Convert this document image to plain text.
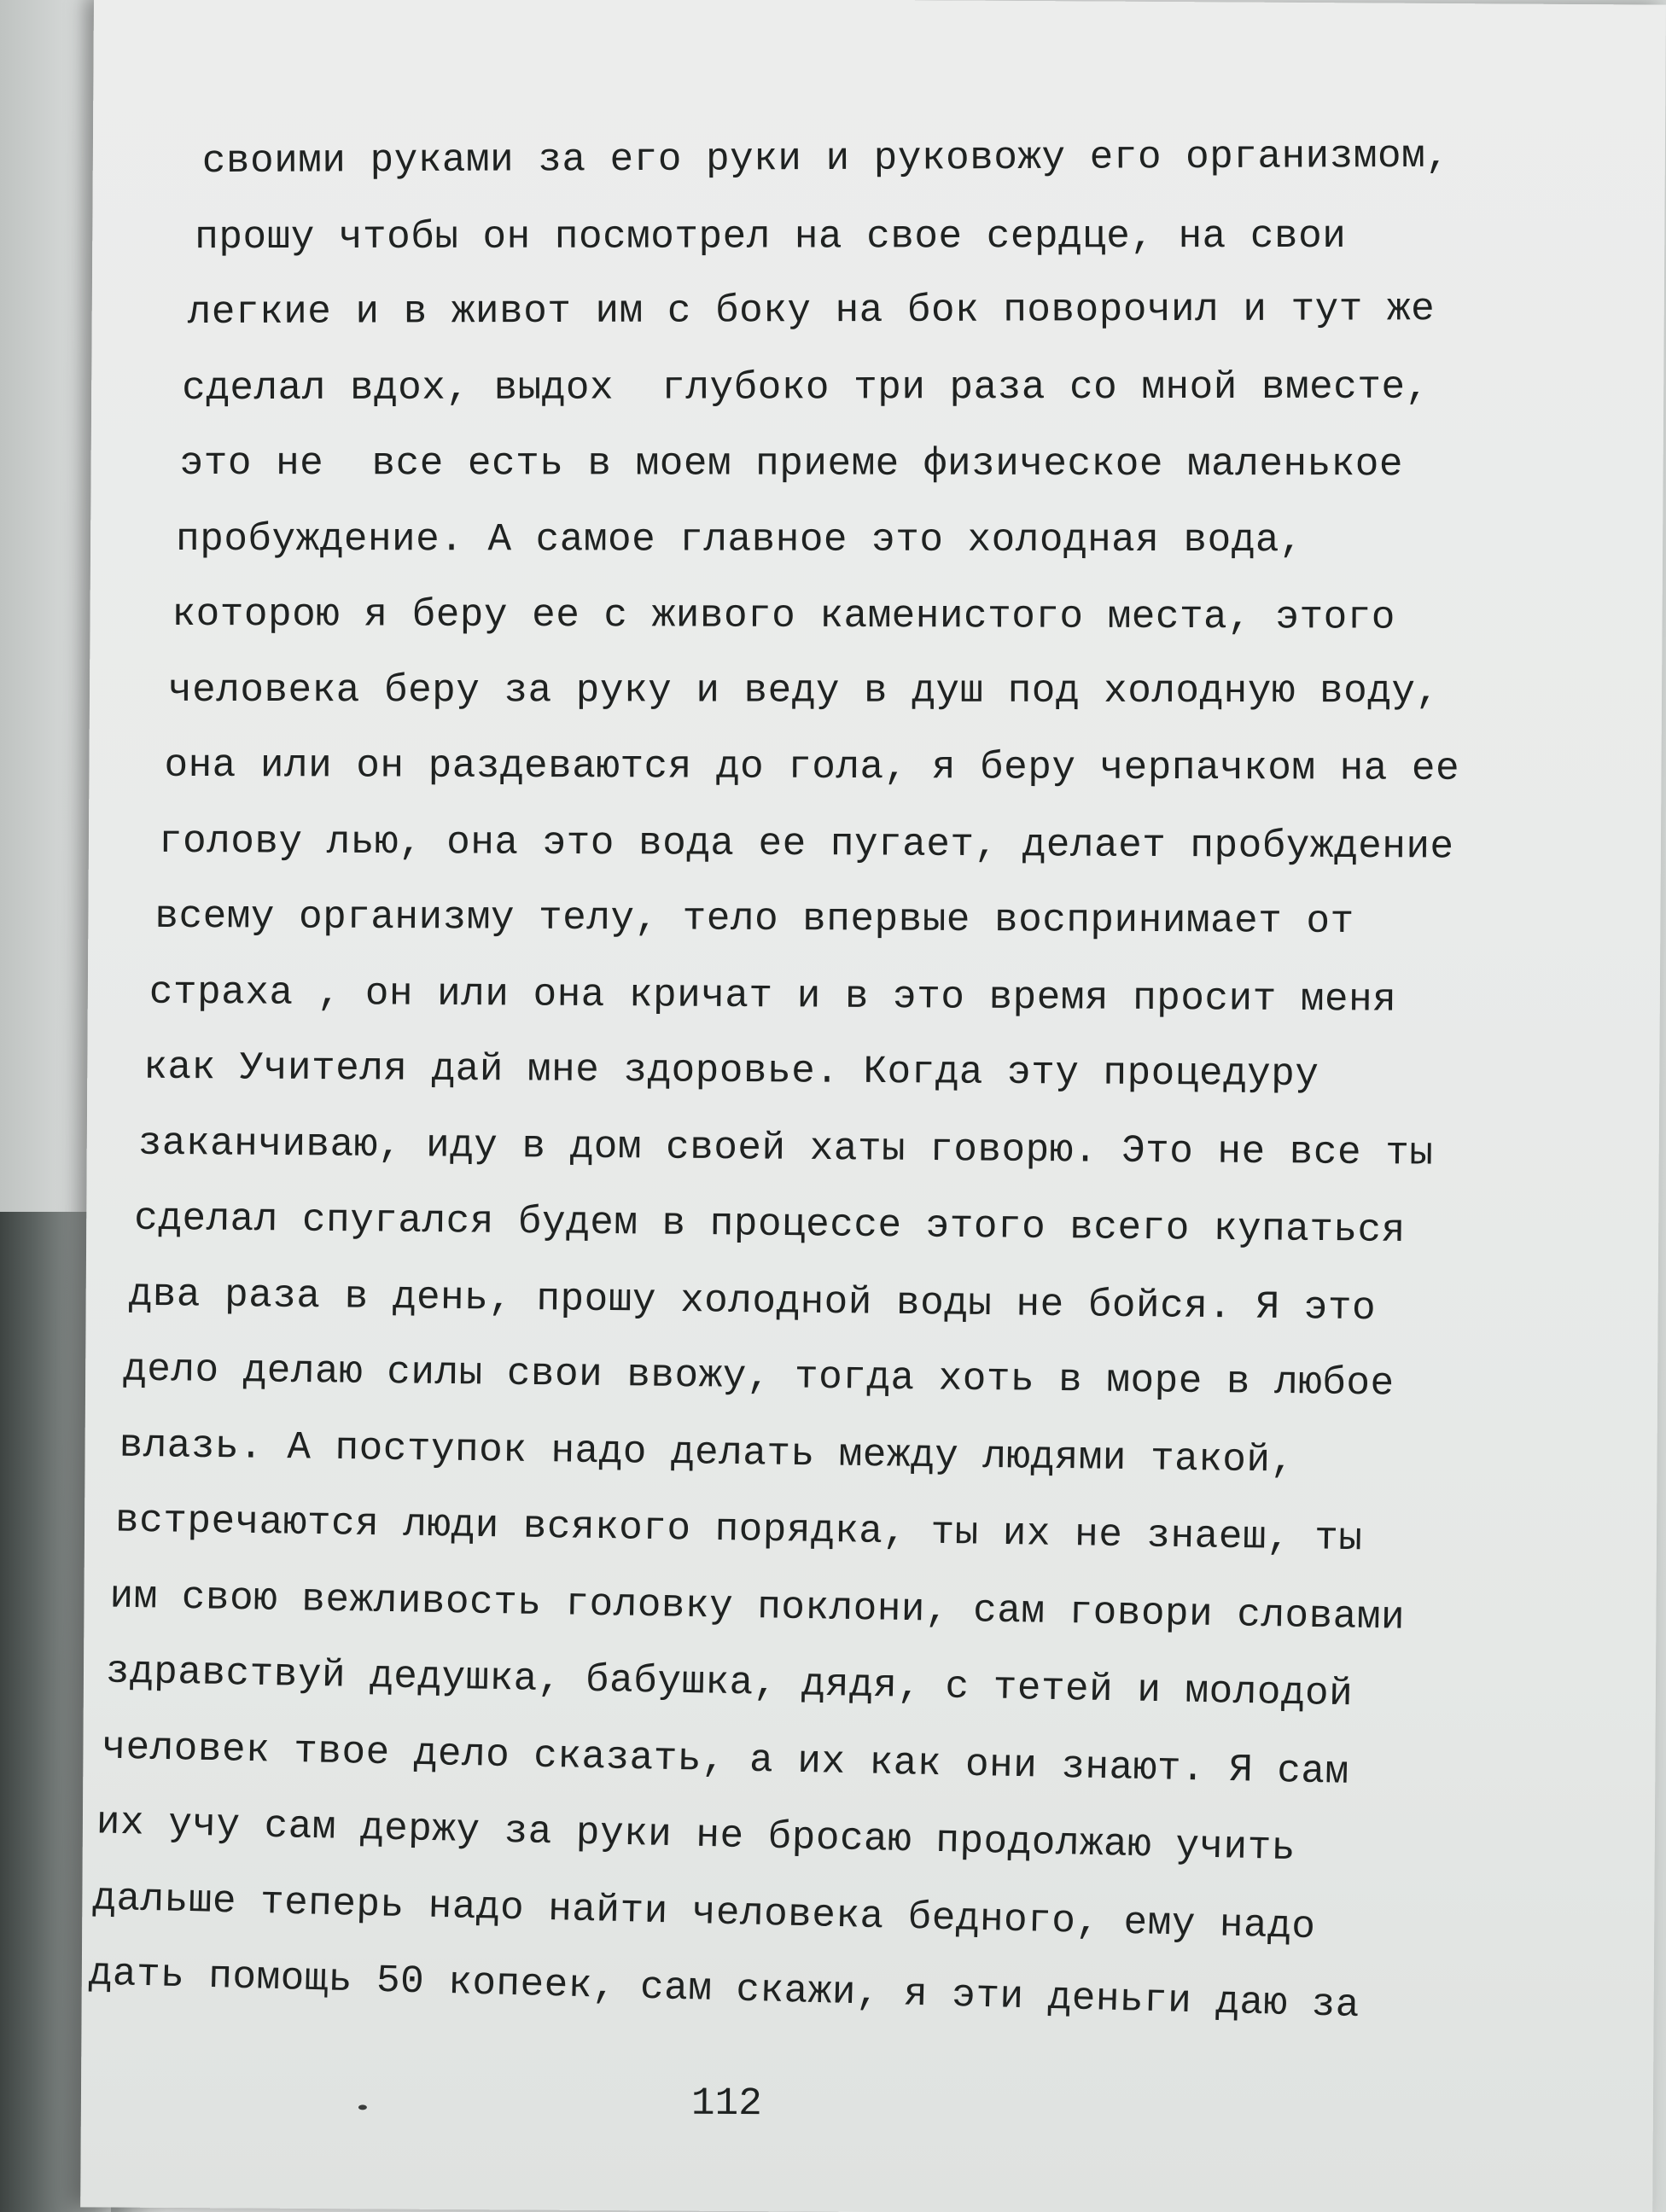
своими руками за его руки и руковожу его организмом,
прошу чтобы он посмотрел на свое сердце, на свои
легкие и в живот им с боку на бок поворочил и тут же
сделал вдох, выдох  глубоко три раза со мной вместе,
это не  все есть в моем приеме физическое маленькое
пробуждение. А самое главное это холодная вода,
которою я беру ее с живого каменистого места, этого
человека беру за руку и веду в душ под холодную воду,
она или он раздеваются до гола, я беру черпачком на ее
голову лью, она это вода ее пугает, делает пробуждение
всему организму телу, тело впервые воспринимает от
страха , он или она кричат и в это время просит меня
как Учителя дай мне здоровье. Когда эту процедуру
заканчиваю, иду в дом своей хаты говорю. Это не все ты
сделал спугался будем в процессе этого всего купаться
два раза в день, прошу холодной воды не бойся. Я это
дело делаю силы свои ввожу, тогда хоть в море в любое
влазь. А поступок надо делать между людями такой,
встречаются люди всякого порядка, ты их не знаеш, ты
им свою вежливость головку поклони, сам говори словами
здравствуй дедушка, бабушка, дядя, с тетей и молодой
человек твое дело сказать, а их как они знают. Я сам
их учу сам держу за руки не бросаю продолжаю учить
дальше теперь надо найти человека бедного, ему надо
дать помощь 50 копеек, сам скажи, я эти деньги даю за
112
